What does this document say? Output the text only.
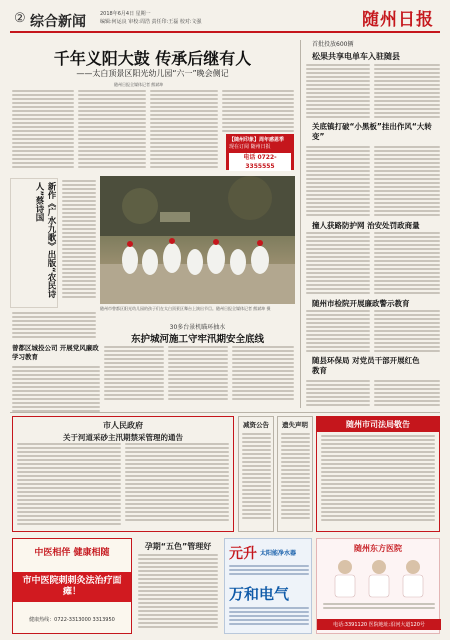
② 综合新闻	2018年6月4日 星期一
编辑:何运良 审校:周浩 责任印:王磊 校对:文强	随州日报
千年义阳大鼓 传承后继有人
——太白顶景区阳光幼儿园“六一”晚会侧记
随州日报全媒体记者 熊斌坤
【随州印象】周年感恩季
现在订阅 随州日报
电话 0722-3355555
新作《广水九歌》出版“农民诗人”蔡诗国
随州市曾都区阳光幼儿园的孩子们在太白顶景区舞台上演出节目。随州日报全媒体记者 熊斌坤 摄
30多台景机瞄环抽水
东护城河施工守牢汛期安全底线
曾都区城投公司 开展党风廉政学习教育
首批投放600辆
松果共享电单车入驻随县
关底镇打破“小黑板”挂出作风“大转变”
撞人获路防护网 治安处罚政商量
随州市检院开展廉政警示教育
随县环保局 对党员干部开展红色教育
市人民政府
关于河道采砂主汛期禁采管理的通告
减资公告	遗失声明	随州市司法局敬告
中医相伴 健康相随
市中医院刺刺灸法治疗面瘫！
健康热线：0722-3313000 3313950
孕期“五色”管理好	元升 太阳能净水器
万和电气
随州东方医院
电话:3391120 医院地址:沿河大道120号
